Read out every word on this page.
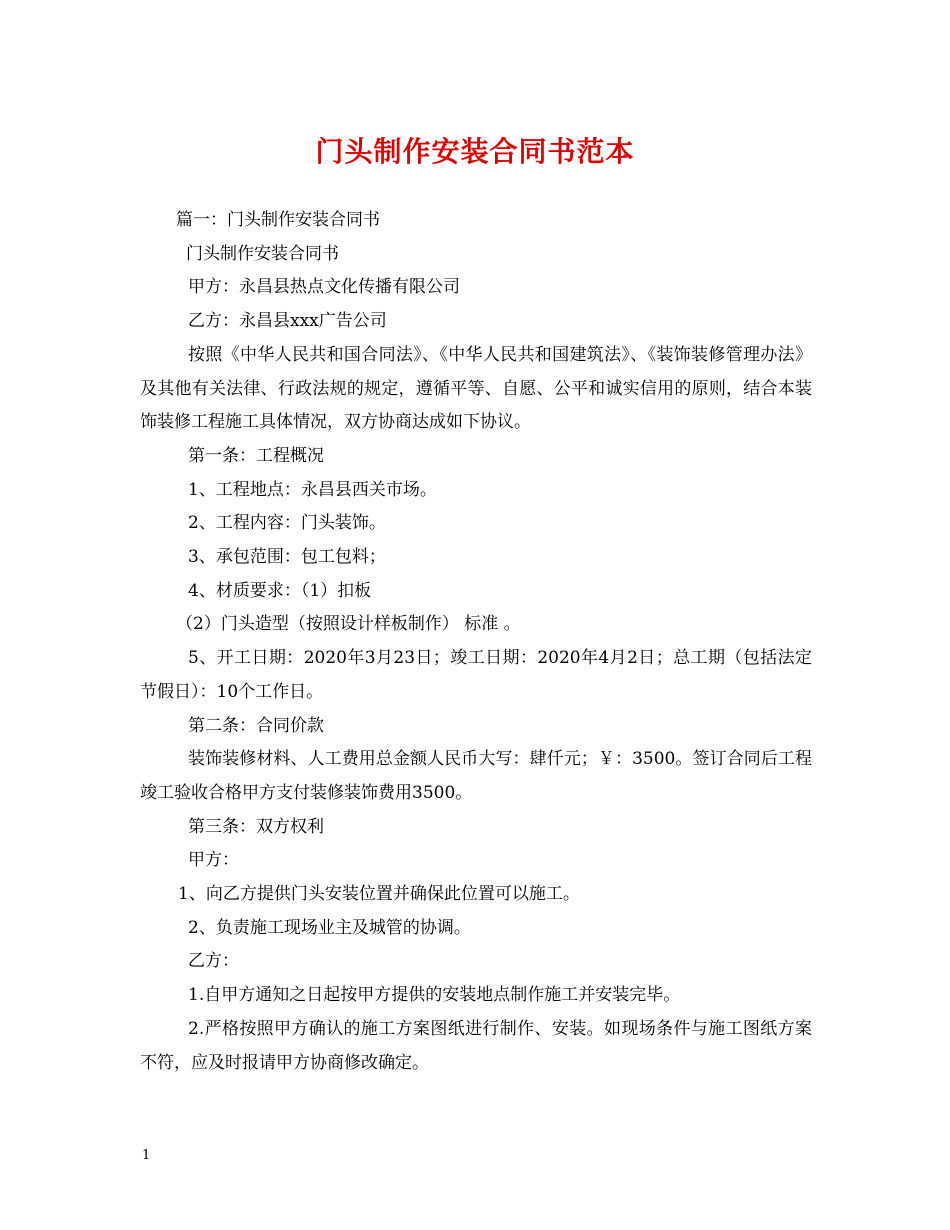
门头制作安装合同书范本

篇一：门头制作安装合同书

门头制作安装合同书

甲方：永昌县热点文化传播有限公司

乙方：永昌县xxx广告公司

按照《中华人民共和国合同法》、《中华人民共和国建筑法》、《装饰装修管理办法》及其他有关法律、行政法规的规定，遵循平等、自愿、公平和诚实信用的原则，结合本装饰装修工程施工具体情况，双方协商达成如下协议。

第一条：工程概况

1、工程地点：永昌县西关市场。

2、工程内容：门头装饰。

3、承包范围：包工包料；

4、材质要求：（1）扣板

（2）门头造型（按照设计样板制作） 标准 。

5、开工日期：2020年3月23日；竣工日期：2020年4月2日；总工期（包括法定节假日）：10个工作日。

第二条：合同价款

装饰装修材料、人工费用总金额人民币大写：肆仟元；￥：3500。签订合同后工程竣工验收合格甲方支付装修装饰费用3500。

第三条：双方权利

甲方：

1、向乙方提供门头安装位置并确保此位置可以施工。

2、负责施工现场业主及城管的协调。

乙方：

1.自甲方通知之日起按甲方提供的安装地点制作施工并安装完毕。

2.严格按照甲方确认的施工方案图纸进行制作、安装。如现场条件与施工图纸方案不符，应及时报请甲方协商修改确定。

1
